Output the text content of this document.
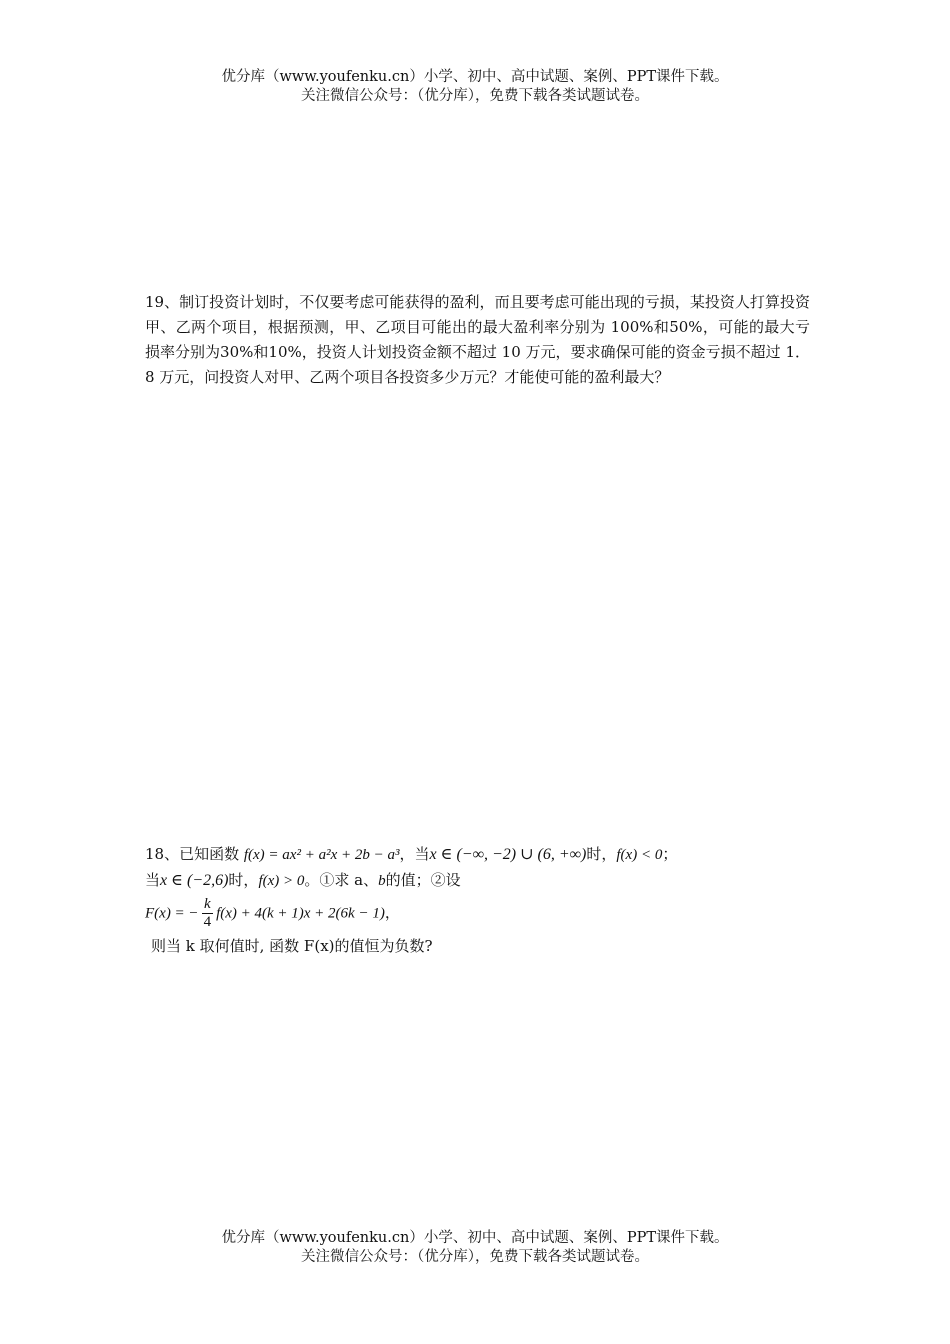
优分库（www.youfenku.cn）小学、初中、高中试题、案例、PPT课件下载。
关注微信公众号：（优分库），免费下载各类试题试卷。
19、制订投资计划时，不仅要考虑可能获得的盈利，而且要考虑可能出现的亏损，某投资人打算投资甲、乙两个项目，根据预测，甲、乙项目可能出的最大盈利率分别为 100%和50%，可能的最大亏损率分别为30%和10%，投资人计划投资金额不超过 10 万元，要求确保可能的资金亏损不超过 1．8 万元，问投资人对甲、乙两个项目各投资多少万元？才能使可能的盈利最大？
18、已知函数 f(x) = ax² + a²x + 2b − a³，当x ∈ (−∞, −2) ∪ (6, +∞)时，f(x) < 0；
当x ∈ (−2,6)时，f(x) > 0。①求 a、b的值；②设
F(x) = − $\frac{k}{4} f(x) + 4(k + 1)x + 2(6k - 1)$，
则当 k 取何值时, 函数 F(x)的值恒为负数?
优分库（www.youfenku.cn）小学、初中、高中试题、案例、PPT课件下载。
关注微信公众号：（优分库），免费下载各类试题试卷。
